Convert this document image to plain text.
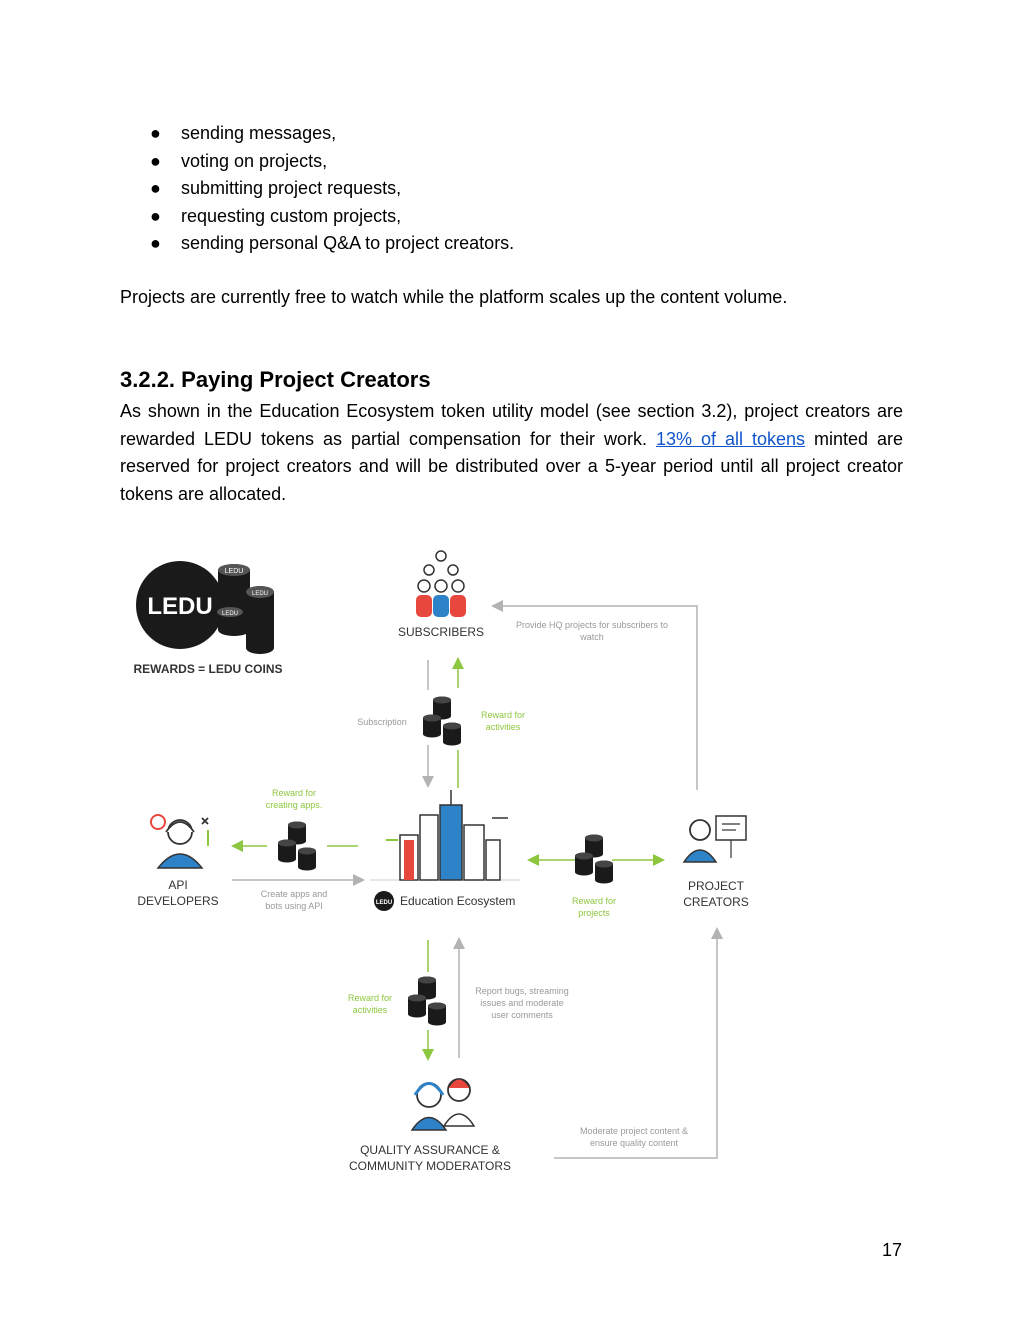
● sending messages,
● voting on projects,
● submitting project requests,
● requesting custom projects,
● sending personal Q&A to project creators.

Projects are currently free to watch while the platform scales up the content volume.

3.2.2. Paying Project Creators

As shown in the Education Ecosystem token utility model (see section 3.2), project creators are rewarded LEDU tokens as partial compensation for their work. 13% of all tokens minted are reserved for project creators and will be distributed over a 5-year period until all project creator tokens are allocated.

LEDU
LEDU
LEDU
LEDU
REWARDS = LEDU COINS
SUBSCRIBERS	Provide HQ projects for subscribers to
watch
Subscription
Reward for
activities
API
DEVELOPERS
Reward for
creating apps.
Create apps and
bots using API	LEDU Education Ecosystem	Reward for
projects
PROJECT
CREATORS
Reward for
activities
Report bugs, streaming
issues and moderate
user comments
QUALITY ASSURANCE &
COMMUNITY MODERATORS
Moderate project content &
ensure quality content
17
